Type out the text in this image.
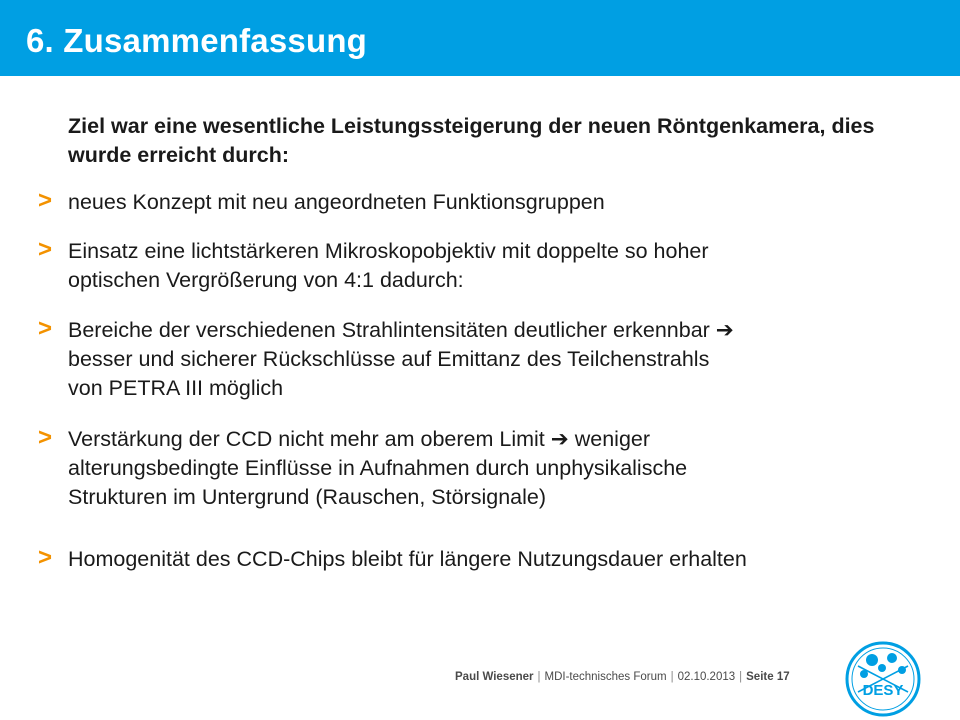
6. Zusammenfassung
Ziel war eine wesentliche Leistungssteigerung der neuen Röntgenkamera, dies wurde erreicht durch:
> neues Konzept mit neu angeordneten Funktionsgruppen
> Einsatz eine lichtstärkeren Mikroskopobjektiv mit doppelte so hoher
optischen Vergrößerung von 4:1 dadurch:
> Bereiche der verschiedenen Strahlintensitäten deutlicher erkennbar ➔
besser und sicherer Rückschlüsse auf Emittanz des Teilchenstrahls
von PETRA III möglich
> Verstärkung der CCD nicht mehr am oberem Limit ➔ weniger
alterungsbedingte Einflüsse in Aufnahmen durch unphysikalische
Strukturen im Untergrund (Rauschen, Störsignale)
> Homogenität des CCD-Chips bleibt für längere Nutzungsdauer erhalten
Paul Wiesener | MDI-technisches Forum | 02.10.2013 | Seite 17
DESY
